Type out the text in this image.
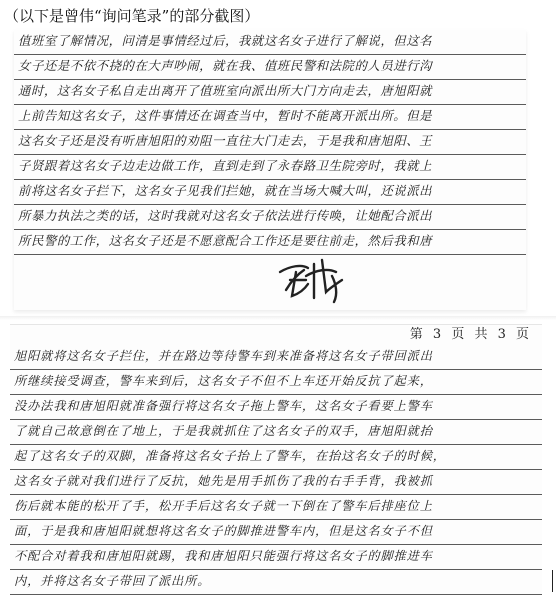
（以下是曾伟“询问笔录”的部分截图）
值班室了解情况，问清是事情经过后，我就这名女子进行了解说，但这名
女子还是不依不挠的在大声吵闹，就在我、值班民警和法院的人员进行沟
通时，这名女子私自走出离开了值班室向派出所大门方向走去，唐旭阳就
上前告知这名女子，这件事情还在调查当中，暂时不能离开派出所。但是
这名女子还是没有听唐旭阳的劝阻一直往大门走去，于是我和唐旭阳、王
子贤跟着这名女子边走边做工作，直到走到了永春路卫生院旁时，我就上
前将这名女子拦下，这名女子见我们拦她，就在当场大喊大叫，还说派出
所暴力执法之类的话，这时我就对这名女子依法进行传唤，让她配合派出
所民警的工作，这名女子还是不愿意配合工作还是要往前走，然后我和唐
第 3 页 共 3 页
旭阳就将这名女子拦住，并在路边等待警车到来准备将这名女子带回派出
所继续接受调查，警车来到后，这名女子不但不上车还开始反抗了起来，
没办法我和唐旭阳就准备强行将这名女子拖上警车，这名女子看要上警车
了就自己故意倒在了地上，于是我就抓住了这名女子的双手，唐旭阳就抬
起了这名女子的双脚，准备将这名女子抬上了警车，在抬这名女子的时候，
这名女子就对我们进行了反抗，她先是用手抓伤了我的右手手背，我被抓
伤后就本能的松开了手，松开手后这名女子就一下倒在了警车后排座位上
面，于是我和唐旭阳就想将这名女子的脚推进警车内，但是这名女子不但
不配合对着我和唐旭阳就踢，我和唐旭阳只能强行将这名女子的脚推进车
内，并将这名女子带回了派出所。
